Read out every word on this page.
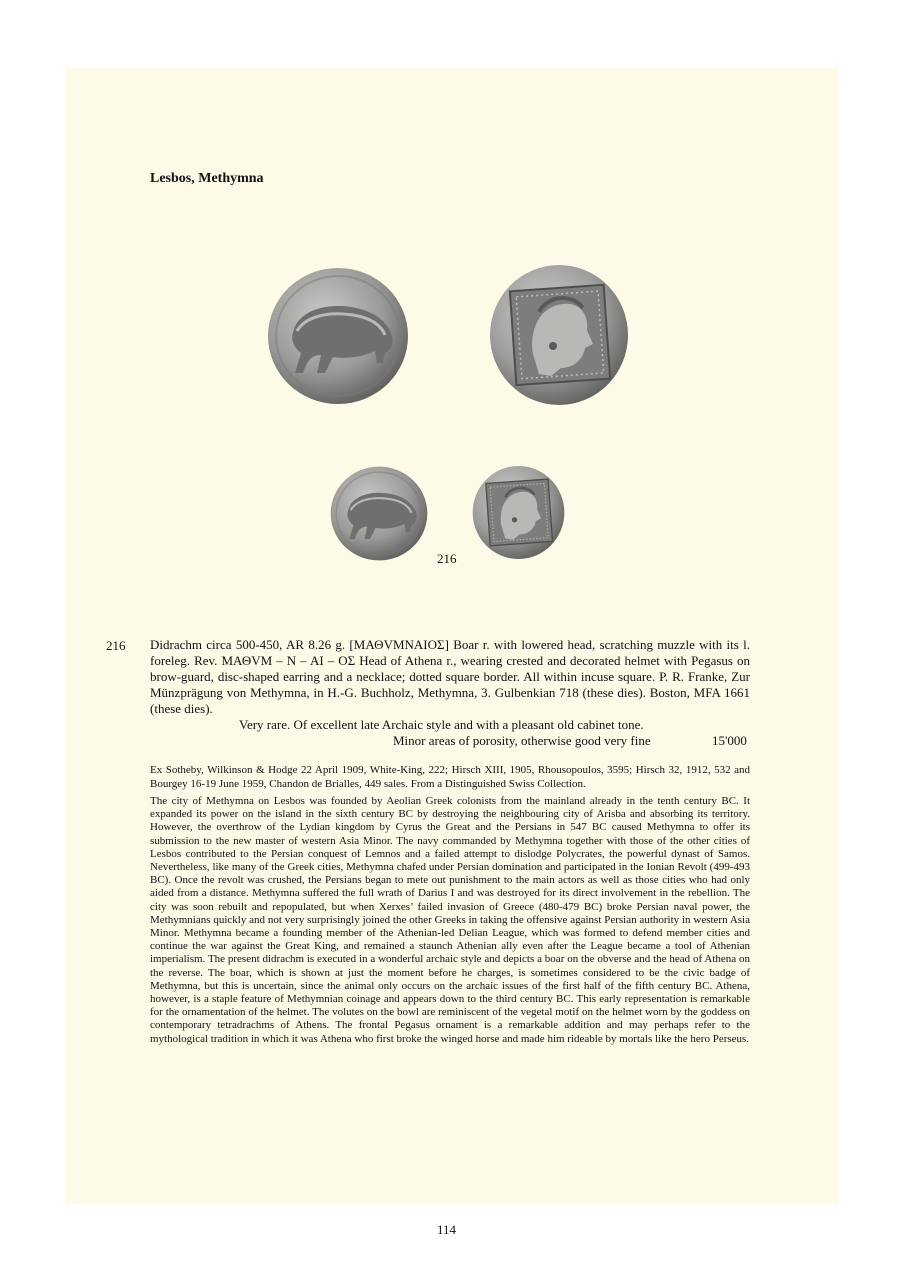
Lesbos, Methymna
216
216 Didrachm circa 500-450, AR 8.26 g. [ΜΑΘVΜΝΑΙΟΣ] Boar r. with lowered head, scratching muzzle with its l. foreleg. Rev. ΜΑΘVΜ – Ν – ΑΙ – ΟΣ Head of Athena r., wearing crested and decorated helmet with Pegasus on brow-guard, disc-shaped earring and a necklace; dotted square border. All within incuse square. P. R. Franke, Zur Münzprägung von Methymna, in H.-G. Buchholz, Methymna, 3. Gulbenkian 718 (these dies). Boston, MFA 1661 (these dies).

Very rare. Of excellent late Archaic style and with a pleasant old cabinet tone.
Minor areas of porosity, otherwise good very fine	15'000

Ex Sotheby, Wilkinson & Hodge 22 April 1909, White-King, 222; Hirsch XIII, 1905, Rhousopoulos, 3595; Hirsch 32, 1912, 532 and Bourgey 16-19 June 1959, Chandon de Brialles, 449 sales. From a Distinguished Swiss Collection.

The city of Methymna on Lesbos was founded by Aeolian Greek colonists from the mainland already in the tenth century BC. It expanded its power on the island in the sixth century BC by destroying the neighbouring city of Arisba and absorbing its territory. However, the overthrow of the Lydian kingdom by Cyrus the Great and the Persians in 547 BC caused Methymna to offer its submission to the new master of western Asia Minor. The navy commanded by Methymna together with those of the other cities of Lesbos contributed to the Persian conquest of Lemnos and a failed attempt to dislodge Polycrates, the powerful dynast of Samos. Nevertheless, like many of the Greek cities, Methymna chafed under Persian domination and participated in the Ionian Revolt (499-493 BC). Once the revolt was crushed, the Persians began to mete out punishment to the main actors as well as those cities who had only aided from a distance. Methymna suffered the full wrath of Darius I and was destroyed for its direct involvement in the rebellion. The city was soon rebuilt and repopulated, but when Xerxes’ failed invasion of Greece (480-479 BC) broke Persian naval power, the Methymnians quickly and not very surprisingly joined the other Greeks in taking the offensive against Persian authority in western Asia Minor. Methymna became a founding member of the Athenian-led Delian League, which was formed to defend member cities and continue the war against the Great King, and remained a staunch Athenian ally even after the League became a tool of Athenian imperialism. The present didrachm is executed in a wonderful archaic style and depicts a boar on the obverse and the head of Athena on the reverse. The boar, which is shown at just the moment before he charges, is sometimes considered to be the civic badge of Methymna, but this is uncertain, since the animal only occurs on the archaic issues of the first half of the fifth century BC. Athena, however, is a staple feature of Methymnian coinage and appears down to the third century BC. This early representation is remarkable for the ornamentation of the helmet. The volutes on the bowl are reminiscent of the vegetal motif on the helmet worn by the goddess on contemporary tetradrachms of Athens. The frontal Pegasus ornament is a remarkable addition and may perhaps refer to the mythological tradition in which it was Athena who first broke the winged horse and made him rideable by mortals like the hero Perseus.

114
